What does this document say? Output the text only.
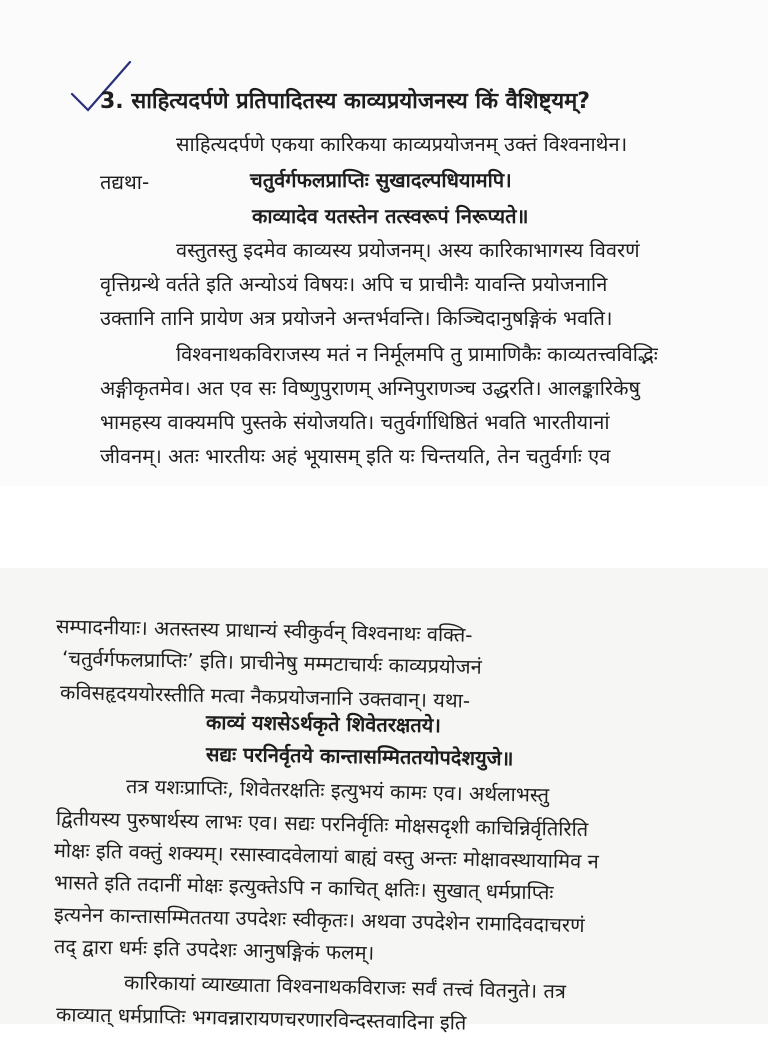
3. साहित्यदर्पणे प्रतिपादितस्य काव्यप्रयोजनस्य किं वैशिष्ट्यम्?
साहित्यदर्पणे एकया कारिकया काव्यप्रयोजनम् उक्तं विश्वनाथेन।
तद्यथा-	चतुर्वर्गफलप्राप्तिः सुखादल्पधियामपि।
काव्यादेव यतस्तेन तत्स्वरूपं निरूप्यते॥
वस्तुतस्तु इदमेव काव्यस्य प्रयोजनम्। अस्य कारिकाभागस्य विवरणं
वृत्तिग्रन्थे वर्तते इति अन्योऽयं विषयः। अपि च प्राचीनैः यावन्ति प्रयोजनानि
उक्तानि तानि प्रायेण अत्र प्रयोजने अन्तर्भवन्ति। किञ्चिदानुषङ्गिकं भवति।
विश्वनाथकविराजस्य मतं न निर्मूलमपि तु प्रामाणिकैः काव्यतत्त्वविद्भिः
अङ्गीकृतमेव। अत एव सः विष्णुपुराणम् अग्निपुराणञ्च उद्धरति। आलङ्कारिकेषु
भामहस्य वाक्यमपि पुस्तके संयोजयति। चतुर्वर्गाधिष्ठितं भवति भारतीयानां
जीवनम्। अतः भारतीयः अहं भूयासम् इति यः चिन्तयति, तेन चतुर्वर्गाः एव
सम्पादनीयाः। अतस्तस्य प्राधान्यं स्वीकुर्वन् विश्वनाथः वक्ति-
‘चतुर्वर्गफलप्राप्तिः’ इति। प्राचीनेषु मम्मटाचार्यः काव्यप्रयोजनं
कविसहृदययोरस्तीति मत्वा नैकप्रयोजनानि उक्तवान्। यथा-
काव्यं यशसेऽर्थकृते शिवेतरक्षतये।
सद्यः परनिर्वृतये कान्तासम्मिततयोपदेशयुजे॥
तत्र यशःप्राप्तिः, शिवेतरक्षतिः इत्युभयं कामः एव। अर्थलाभस्तु
द्वितीयस्य पुरुषार्थस्य लाभः एव। सद्यः परनिर्वृतिः मोक्षसदृशी काचिन्निर्वृतिरिति
मोक्षः इति वक्तुं शक्यम्। रसास्वादवेलायां बाह्यं वस्तु अन्तः मोक्षावस्थायामिव न
भासते इति तदानीं मोक्षः इत्युक्तेऽपि न काचित् क्षतिः। सुखात् धर्मप्राप्तिः
इत्यनेन कान्तासम्मिततया उपदेशः स्वीकृतः। अथवा उपदेशेन रामादिवदाचरणं
तद् द्वारा धर्मः इति उपदेशः आनुषङ्गिकं फलम्।
कारिकायां व्याख्याता विश्वनाथकविराजः सर्वं तत्त्वं वितनुते। तत्र
काव्यात् धर्मप्राप्तिः भगवन्नारायणचरणारविन्दस्तवादिना इति
